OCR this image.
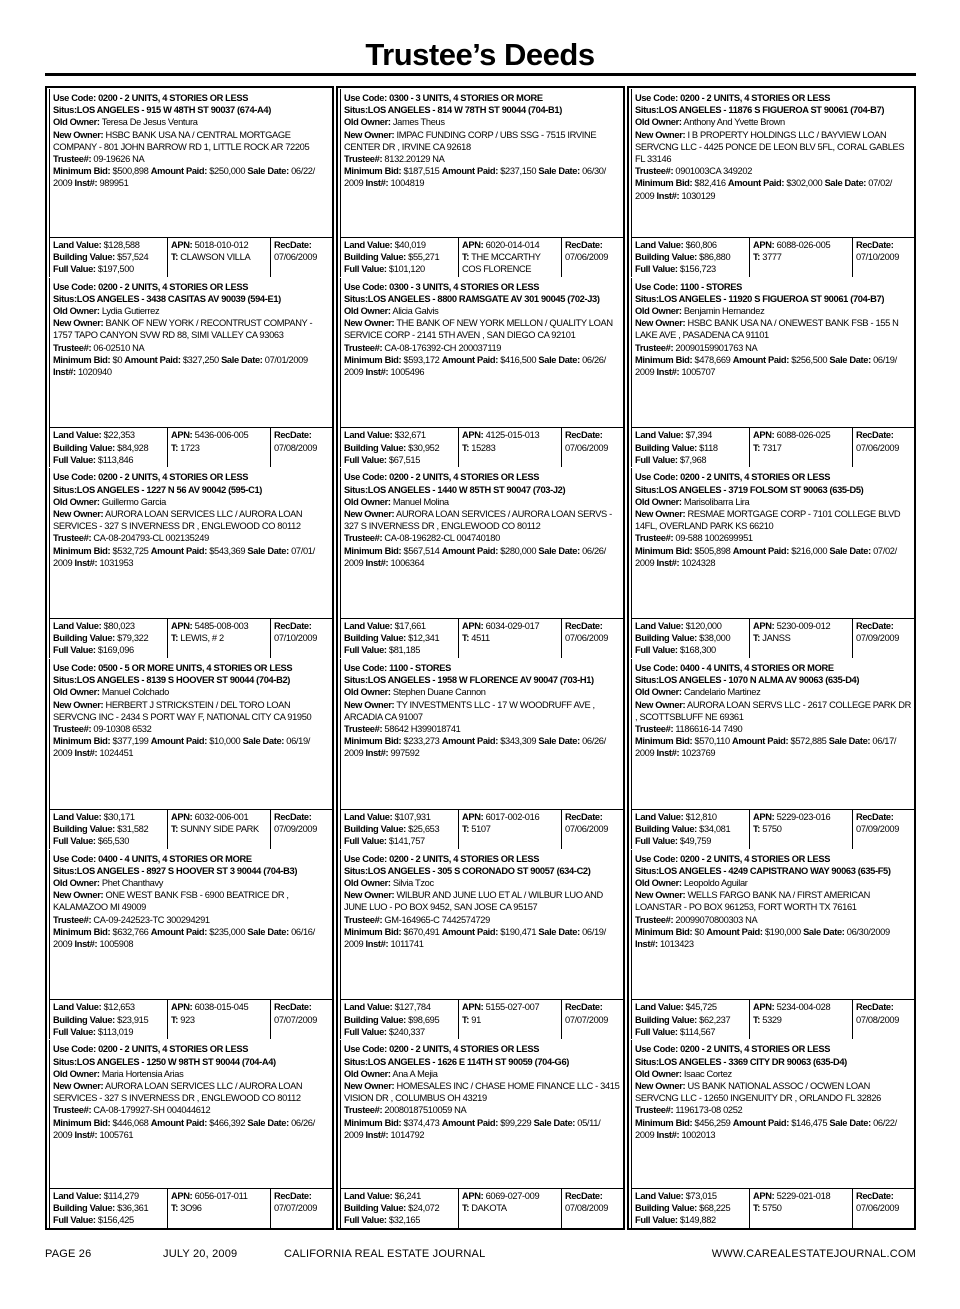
Trustee’s Deeds
Use Code: 0200 - 2 UNITS, 4 STORIES OR LESS
Situs:LOS ANGELES - 915 W 48TH ST 90037 (674-A4)
Old Owner: Teresa De Jesus Ventura
New Owner: HSBC BANK USA NA / CENTRAL MORTGAGE COMPANY - 801 JOHN BARROW RD 1, LITTLE ROCK AR 72205
Trustee#: 09-19626 NA
Minimum Bid: $500,898 Amount Paid: $250,000 Sale Date: 06/22/ 2009 Inst#: 989951
Land Value: $128,588
Building Value: $57,524
Full Value: $197,500
APN: 5018-010-012
T: CLAWSON VILLA
RecDate:
07/06/2009
Use Code: 0200 - 2 UNITS, 4 STORIES OR LESS
Situs:LOS ANGELES - 3438 CASITAS AV 90039 (594-E1)
Old Owner: Lydia Gutierrez
New Owner: BANK OF NEW YORK / RECONTRUST COMPANY - 1757 TAPO CANYON SVW RD 88, SIMI VALLEY CA 93063
Trustee#: 06-02510 NA
Minimum Bid: $0 Amount Paid: $327,250 Sale Date: 07/01/2009 Inst#: 1020940
Land Value: $22,353
Building Value: $84,928
Full Value: $113,846
APN: 5436-006-005
T: 1723
RecDate:
07/08/2009
Use Code: 0200 - 2 UNITS, 4 STORIES OR LESS
Situs:LOS ANGELES - 1227 N 56 AV 90042 (595-C1)
Old Owner: Guillermo Garcia
New Owner: AURORA LOAN SERVICES LLC / AURORA LOAN SERVICES - 327 S INVERNESS DR , ENGLEWOOD CO 80112
Trustee#: CA-08-204793-CL 002135249
Minimum Bid: $532,725 Amount Paid: $543,369 Sale Date: 07/01/ 2009 Inst#: 1031953
Land Value: $80,023
Building Value: $79,322
Full Value: $169,096
APN: 5485-008-003
T: LEWIS, # 2
RecDate:
07/10/2009
Use Code: 0500 - 5 OR MORE UNITS, 4 STORIES OR LESS
Situs:LOS ANGELES - 8139 S HOOVER ST 90044 (704-B2)
Old Owner: Manuel Colchado
New Owner: HERBERT J STRICKSTEIN / DEL TORO LOAN SERVCNG INC - 2434 S PORT WAY F, NATIONAL CITY CA 91950
Trustee#: 09-10308 6532
Minimum Bid: $377,199 Amount Paid: $10,000 Sale Date: 06/19/ 2009 Inst#: 1024451
Land Value: $30,171
Building Value: $31,582
Full Value: $65,530
APN: 6032-006-001
T: SUNNY SIDE PARK
RecDate:
07/09/2009
Use Code: 0400 - 4 UNITS, 4 STORIES OR MORE
Situs:LOS ANGELES - 8927 S HOOVER ST 3 90044 (704-B3)
Old Owner: Phet Chanthavy
New Owner: ONE WEST BANK FSB - 6900 BEATRICE DR , KALAMAZOO MI 49009
Trustee#: CA-09-242523-TC 300294291
Minimum Bid: $632,766 Amount Paid: $235,000 Sale Date: 06/16/ 2009 Inst#: 1005908
Land Value: $12,653
Building Value: $23,915
Full Value: $113,019
APN: 6038-015-045
T: 923
RecDate:
07/07/2009
Use Code: 0200 - 2 UNITS, 4 STORIES OR LESS
Situs:LOS ANGELES - 1250 W 98TH ST 90044 (704-A4)
Old Owner: Maria Hortensia Arias
New Owner: AURORA LOAN SERVICES LLC / AURORA LOAN SERVICES - 327 S INVERNESS DR , ENGLEWOOD CO 80112
Trustee#: CA-08-179927-SH 004044612
Minimum Bid: $446,068 Amount Paid: $466,392 Sale Date: 06/26/ 2009 Inst#: 1005761
Land Value: $114,279
Building Value: $36,361
Full Value: $156,425
APN: 6056-017-011
T: 3O96
RecDate:
07/07/2009
Use Code: 0300 - 3 UNITS, 4 STORIES OR MORE
Situs:LOS ANGELES - 814 W 78TH ST 90044 (704-B1)
Old Owner: James Theus
New Owner: IMPAC FUNDING CORP / UBS SSG - 7515 IRVINE CENTER DR , IRVINE CA 92618
Trustee#: 8132.20129 NA
Minimum Bid: $187,515 Amount Paid: $237,150 Sale Date: 06/30/ 2009 Inst#: 1004819
Land Value: $40,019
Building Value: $55,271
Full Value: $101,120
APN: 6020-014-014
T: THE MCCARTHY COS FLORENCE
RecDate:
07/06/2009
Use Code: 0300 - 3 UNITS, 4 STORIES OR LESS
Situs:LOS ANGELES - 8800 RAMSGATE AV 301 90045 (702-J3)
Old Owner: Alicia Galvis
New Owner: THE BANK OF NEW YORK MELLON / QUALITY LOAN SERVICE CORP - 2141 5TH AVEN , SAN DIEGO CA 92101
Trustee#: CA-08-176392-CH 200037119
Minimum Bid: $593,172 Amount Paid: $416,500 Sale Date: 06/26/ 2009 Inst#: 1005496
Land Value: $32,671
Building Value: $30,952
Full Value: $67,515
APN: 4125-015-013
T: 15283
RecDate:
07/06/2009
Use Code: 0200 - 2 UNITS, 4 STORIES OR LESS
Situs:LOS ANGELES - 1440 W 85TH ST 90047 (703-J2)
Old Owner: Manuel Molina
New Owner: AURORA LOAN SERVICES / AURORA LOAN SERVS - 327 S INVERNESS DR , ENGLEWOOD CO 80112
Trustee#: CA-08-196282-CL 004740180
Minimum Bid: $567,514 Amount Paid: $280,000 Sale Date: 06/26/ 2009 Inst#: 1006364
Land Value: $17,661
Building Value: $12,341
Full Value: $81,185
APN: 6034-029-017
T: 4511
RecDate:
07/06/2009
Use Code: 1100 - STORES
Situs:LOS ANGELES - 1958 W FLORENCE AV 90047 (703-H1)
Old Owner: Stephen Duane Cannon
New Owner: TY INVESTMENTS LLC - 17 W WOODRUFF AVE , ARCADIA CA 91007
Trustee#: 58642 H399018741
Minimum Bid: $233,273 Amount Paid: $343,309 Sale Date: 06/26/ 2009 Inst#: 997592
Land Value: $107,931
Building Value: $25,653
Full Value: $141,757
APN: 6017-002-016
T: 5107
RecDate:
07/06/2009
Use Code: 0200 - 2 UNITS, 4 STORIES OR LESS
Situs:LOS ANGELES - 305 S CORONADO ST 90057 (634-C2)
Old Owner: Silvia Tzoc
New Owner: WILBUR AND JUNE LUO ET AL / WILBUR LUO AND JUNE LUO - PO BOX 9452, SAN JOSE CA 95157
Trustee#: GM-164965-C 7442574729
Minimum Bid: $670,491 Amount Paid: $190,471 Sale Date: 06/19/ 2009 Inst#: 1011741
Land Value: $127,784
Building Value: $98,695
Full Value: $240,337
APN: 5155-027-007
T: 91
RecDate:
07/07/2009
Use Code: 0200 - 2 UNITS, 4 STORIES OR LESS
Situs:LOS ANGELES - 1626 E 114TH ST 90059 (704-G6)
Old Owner: Ana A Mejia
New Owner: HOMESALES INC / CHASE HOME FINANCE LLC - 3415 VISION DR , COLUMBUS OH 43219
Trustee#: 20080187510059 NA
Minimum Bid: $374,473 Amount Paid: $99,229 Sale Date: 05/11/ 2009 Inst#: 1014792
Land Value: $6,241
Building Value: $24,072
Full Value: $32,165
APN: 6069-027-009
T: DAKOTA
RecDate:
07/08/2009
Use Code: 0200 - 2 UNITS, 4 STORIES OR LESS
Situs:LOS ANGELES - 11876 S FIGUEROA ST 90061 (704-B7)
Old Owner: Anthony And Yvette Brown
New Owner: I B PROPERTY HOLDINGS LLC / BAYVIEW LOAN SERVCNG LLC - 4425 PONCE DE LEON BLV 5FL, CORAL GABLES FL 33146
Trustee#: 0901003CA 349202
Minimum Bid: $82,416 Amount Paid: $302,000 Sale Date: 07/02/ 2009 Inst#: 1030129
Land Value: $60,806
Building Value: $86,880
Full Value: $156,723
APN: 6088-026-005
T: 3777
RecDate:
07/10/2009
Use Code: 1100 - STORES
Situs:LOS ANGELES - 11920 S FIGUEROA ST 90061 (704-B7)
Old Owner: Benjamin Hernandez
New Owner: HSBC BANK USA NA / ONEWEST BANK FSB - 155 N LAKE AVE , PASADENA CA 91101
Trustee#: 20090159901763 NA
Minimum Bid: $478,669 Amount Paid: $256,500 Sale Date: 06/19/ 2009 Inst#: 1005707
Land Value: $7,394
Building Value: $118
Full Value: $7,968
APN: 6088-026-025
T: 7317
RecDate:
07/06/2009
Use Code: 0200 - 2 UNITS, 4 STORIES OR LESS
Situs:LOS ANGELES - 3719 FOLSOM ST 90063 (635-D5)
Old Owner: Marisolibarra Lira
New Owner: RESMAE MORTGAGE CORP - 7101 COLLEGE BLVD 14FL, OVERLAND PARK KS 66210
Trustee#: 09-588 1002699951
Minimum Bid: $505,898 Amount Paid: $216,000 Sale Date: 07/02/ 2009 Inst#: 1024328
Land Value: $120,000
Building Value: $38,000
Full Value: $168,300
APN: 5230-009-012
T: JANSS
RecDate:
07/09/2009
Use Code: 0400 - 4 UNITS, 4 STORIES OR MORE
Situs:LOS ANGELES - 1070 N ALMA AV 90063 (635-D4)
Old Owner: Candelario Martinez
New Owner: AURORA LOAN SERVS LLC - 2617 COLLEGE PARK DR , SCOTTSBLUFF NE 69361
Trustee#: 1186616-14 7490
Minimum Bid: $570,110 Amount Paid: $572,885 Sale Date: 06/17/ 2009 Inst#: 1023769
Land Value: $12,810
Building Value: $34,081
Full Value: $49,759
APN: 5229-023-016
T: 5750
RecDate:
07/09/2009
Use Code: 0200 - 2 UNITS, 4 STORIES OR LESS
Situs:LOS ANGELES - 4249 CAPISTRANO WAY 90063 (635-F5)
Old Owner: Leopoldo Aguilar
New Owner: WELLS FARGO BANK NA / FIRST AMERICAN LOANSTAR - PO BOX 961253, FORT WORTH TX 76161
Trustee#: 20099070800303 NA
Minimum Bid: $0 Amount Paid: $190,000 Sale Date: 06/30/2009 Inst#: 1013423
Land Value: $45,725
Building Value: $62,237
Full Value: $114,567
APN: 5234-004-028
T: 5329
RecDate:
07/08/2009
Use Code: 0200 - 2 UNITS, 4 STORIES OR LESS
Situs:LOS ANGELES - 3369 CITY DR 90063 (635-D4)
Old Owner: Isaac Cortez
New Owner: US BANK NATIONAL ASSOC / OCWEN LOAN SERVCNG LLC - 12650 INGENUITY DR , ORLANDO FL 32826
Trustee#: 1196173-08 0252
Minimum Bid: $456,259 Amount Paid: $146,475 Sale Date: 06/22/ 2009 Inst#: 1002013
Land Value: $73,015
Building Value: $68,225
Full Value: $149,882
APN: 5229-021-018
T: 5750
RecDate:
07/06/2009
PAGE 26	JULY 20, 2009	CALIFORNIA REAL ESTATE JOURNAL	WWW.CAREALESTATEJOURNAL.COM
